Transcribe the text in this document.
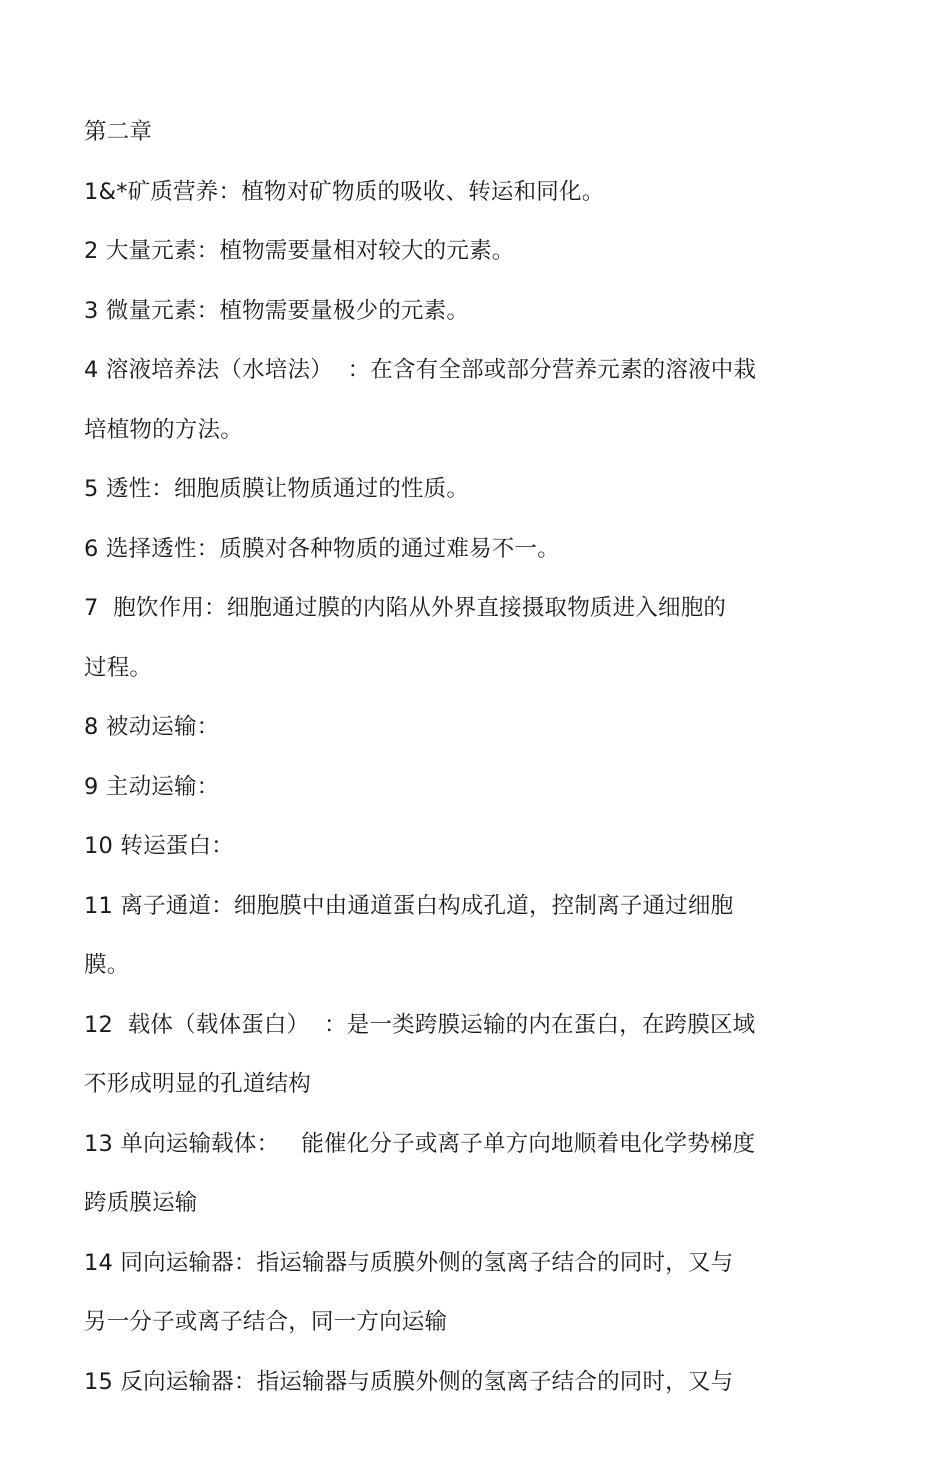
第二章
1&*矿质营养：植物对矿物质的吸收、转运和同化。
2 大量元素：植物需要量相对较大的元素。
3 微量元素：植物需要量极少的元素。
4 溶液培养法（水培法）  ：在含有全部或部分营养元素的溶液中栽
培植物的方法。
5 透性：细胞质膜让物质通过的性质。
6 选择透性：质膜对各种物质的通过难易不一。
7  胞饮作用：细胞通过膜的内陷从外界直接摄取物质进入细胞的
过程。
8 被动运输：
9 主动运输：
10 转运蛋白：
11 离子通道：细胞膜中由通道蛋白构成孔道，控制离子通过细胞
膜。
12  载体（载体蛋白）  ：是一类跨膜运输的内在蛋白，在跨膜区域
不形成明显的孔道结构
13 单向运输载体：   能催化分子或离子单方向地顺着电化学势梯度
跨质膜运输
14 同向运输器：指运输器与质膜外侧的氢离子结合的同时，又与
另一分子或离子结合，同一方向运输
15 反向运输器：指运输器与质膜外侧的氢离子结合的同时，又与
